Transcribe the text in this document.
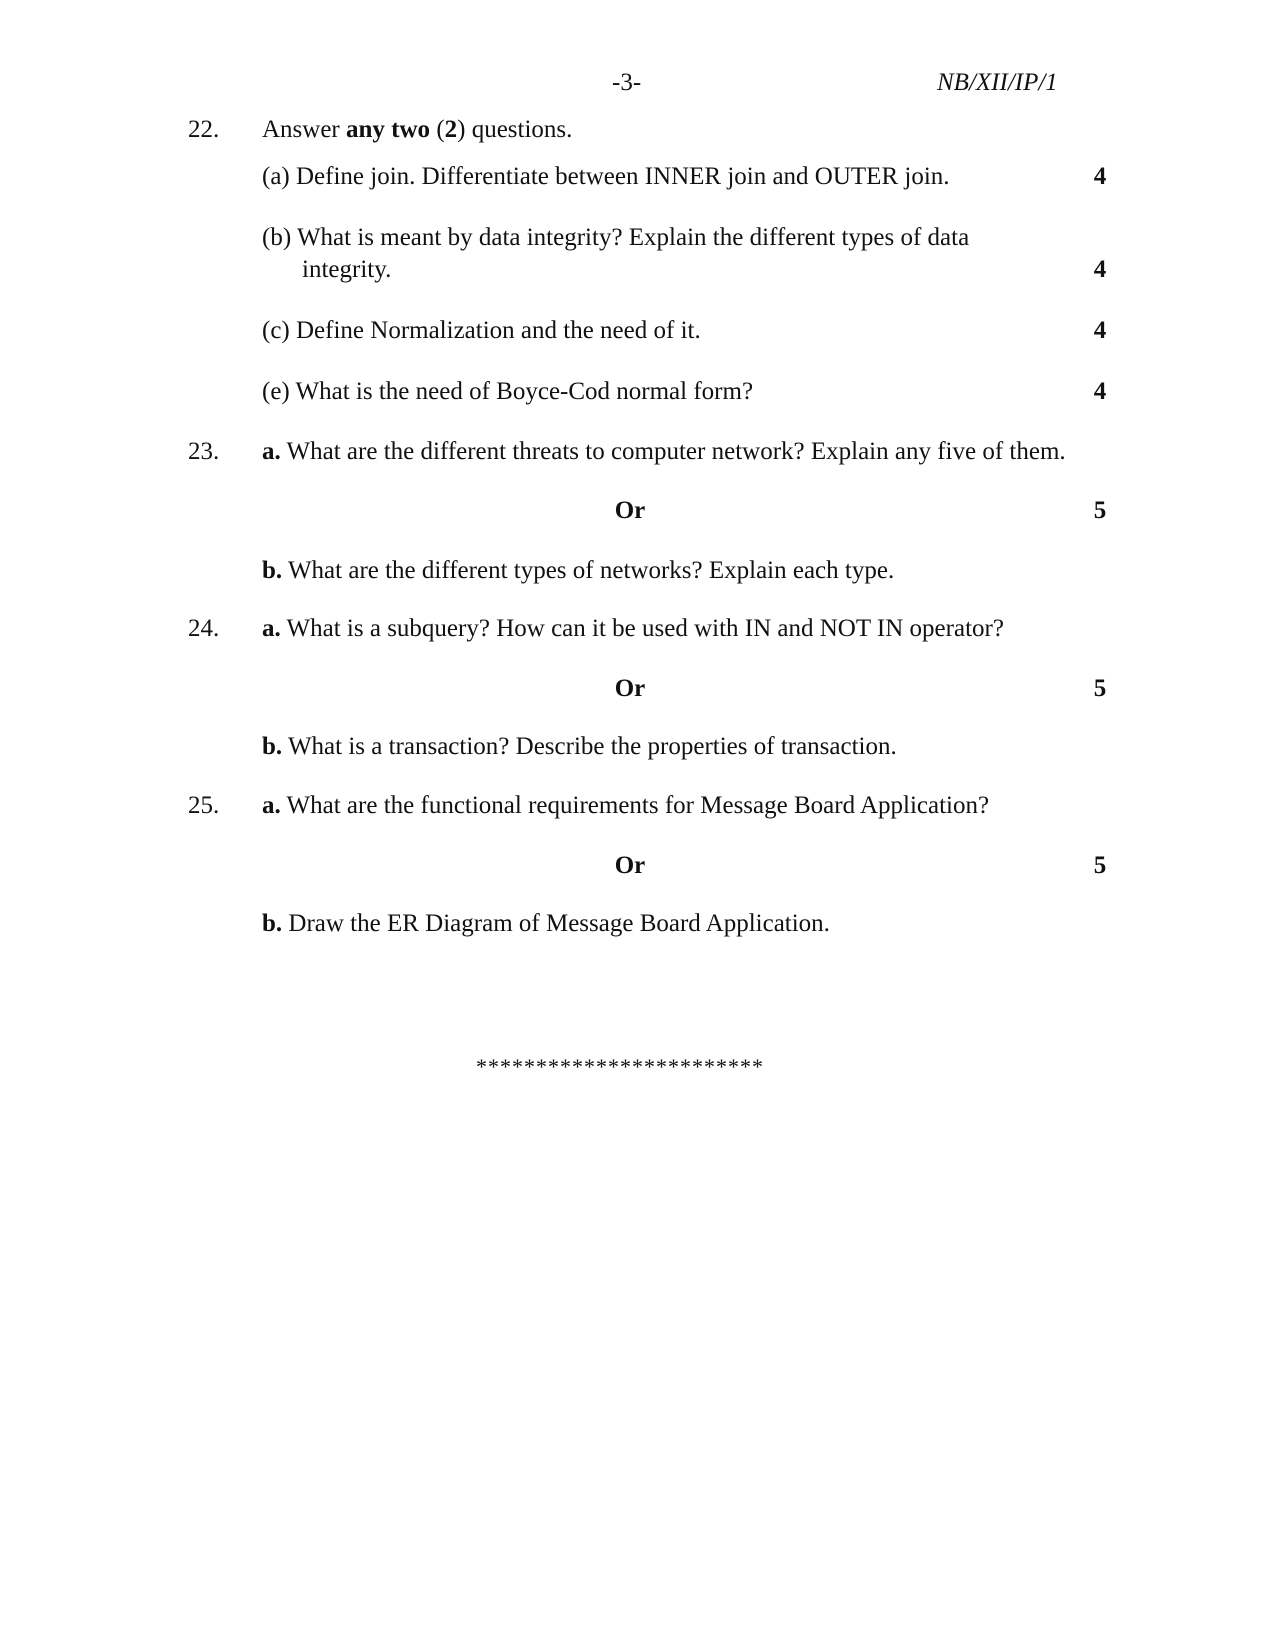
-3-	NB/XII/IP/1
22. Answer any two (2) questions.
(a) Define join. Differentiate between INNER join and OUTER join.	4
(b) What is meant by data integrity? Explain the different types of data
integrity.	4
(c) Define Normalization and the need of it.	4
(e) What is the need of Boyce-Cod normal form?	4
23. a. What are the different threats to computer network? Explain any five of them.
Or	5
b. What are the different types of networks? Explain each type.
24. a. What is a subquery? How can it be used with IN and NOT IN operator?
Or	5
b. What is a transaction? Describe the properties of transaction.
25. a. What are the functional requirements for Message Board Application?
Or	5
b. Draw the ER Diagram of Message Board Application.
************************
